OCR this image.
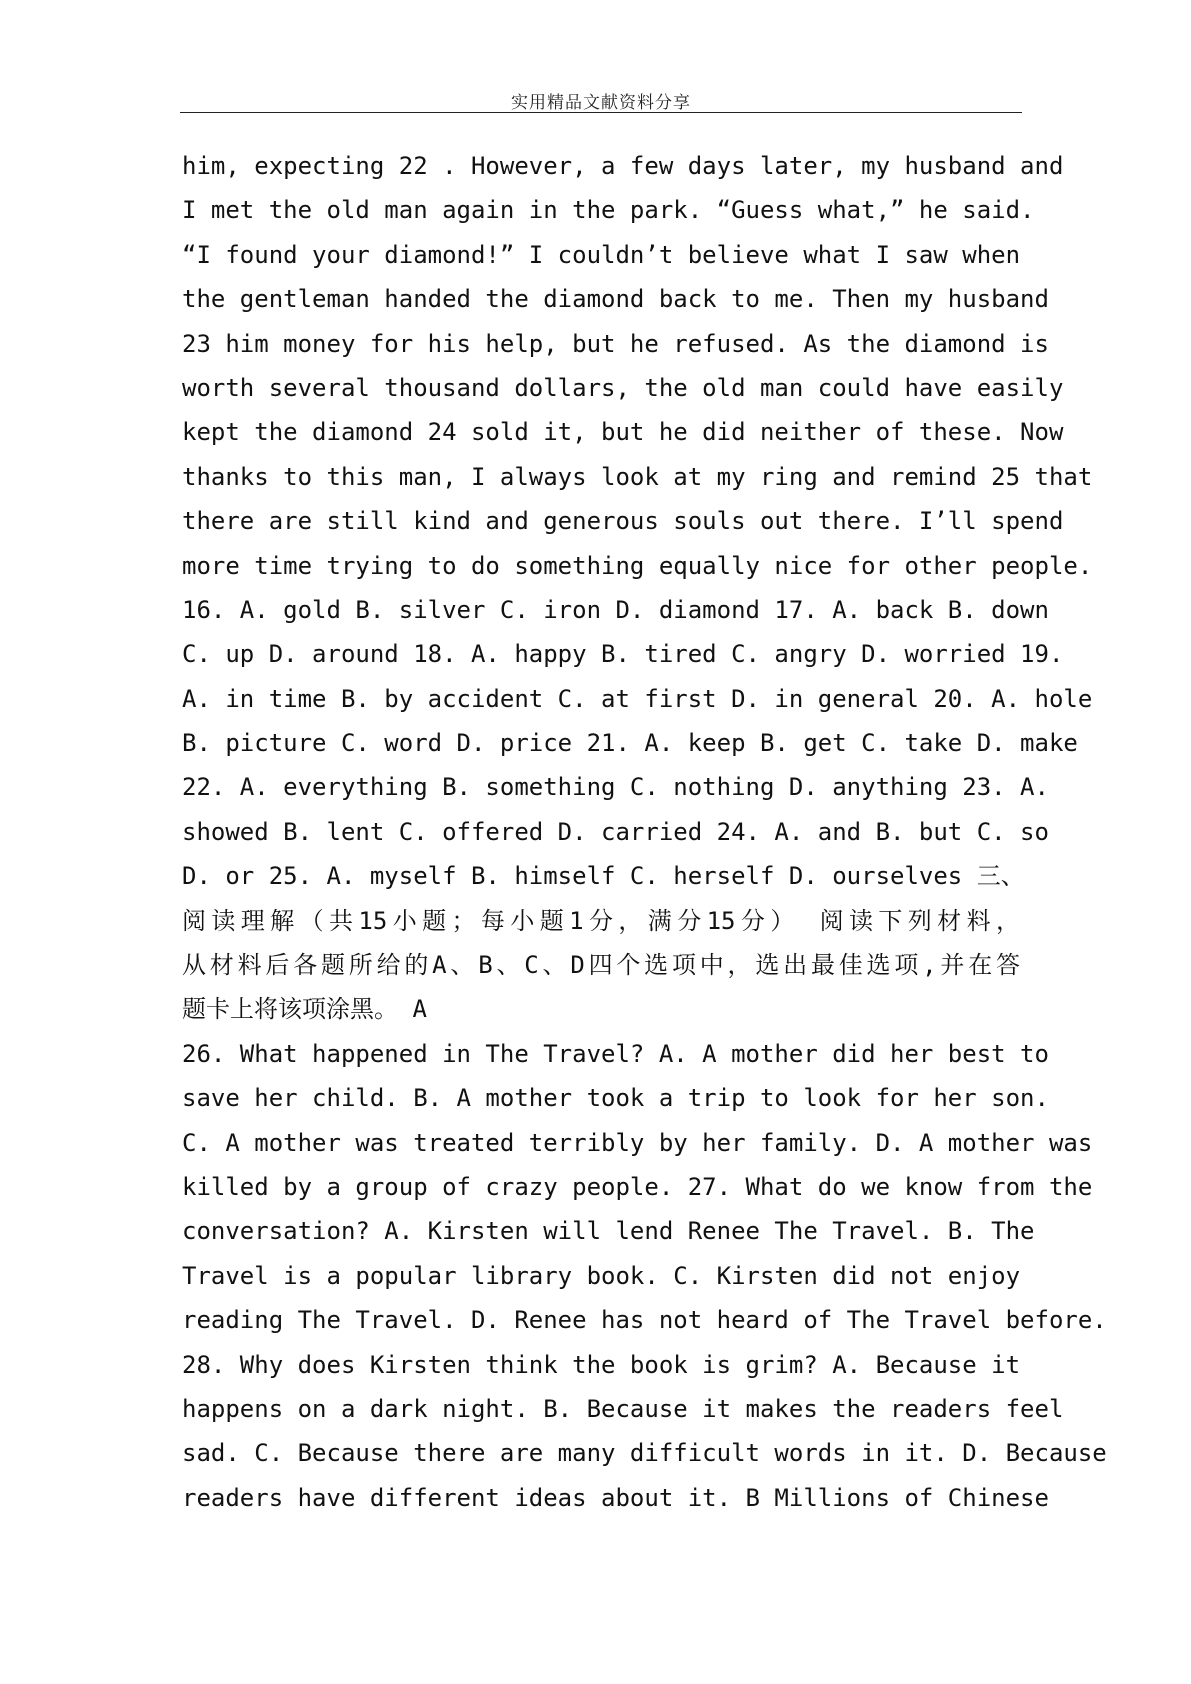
实用精品文献资料分享
him, expecting 22 . However, a few days later, my husband and
I met the old man again in the park. “Guess what,” he said.
“I found your diamond!” I couldn’t believe what I saw when
the gentleman handed the diamond back to me. Then my husband
23 him money for his help, but he refused. As the diamond is
worth several thousand dollars, the old man could have easily
kept the diamond 24 sold it, but he did neither of these. Now
thanks to this man, I always look at my ring and remind 25 that
there are still kind and generous souls out there. I’ll spend
more time trying to do something equally nice for other people.
16. A. gold B. silver C. iron D. diamond 17. A. back B. down
C. up D. around 18. A. happy B. tired C. angry D. worried 19.
A. in time B. by accident C. at first D. in general 20. A. hole
B. picture C. word D. price 21. A. keep B. get C. take D. make
22. A. everything B. something C. nothing D. anything 23. A.
showed B. lent C. offered D. carried 24. A. and B. but C. so
D. or 25. A. myself B. himself C. herself D. ourselves 三、
阅读理解（共15小题；每小题1分，满分15分） 阅读下列材料，
从材料后各题所给的A、B、C、D四个选项中，选出最佳选项,并在答
题卡上将该项涂黑。 A
26. What happened in The Travel? A. A mother did her best to
save her child. B. A mother took a trip to look for her son.
C. A mother was treated terribly by her family. D. A mother was
killed by a group of crazy people. 27. What do we know from the
conversation? A. Kirsten will lend Renee The Travel. B. The
Travel is a popular library book. C. Kirsten did not enjoy
reading The Travel. D. Renee has not heard of The Travel before.
28. Why does Kirsten think the book is grim? A. Because it
happens on a dark night. B. Because it makes the readers feel
sad. C. Because there are many difficult words in it. D. Because
readers have different ideas about it. B Millions of Chinese
